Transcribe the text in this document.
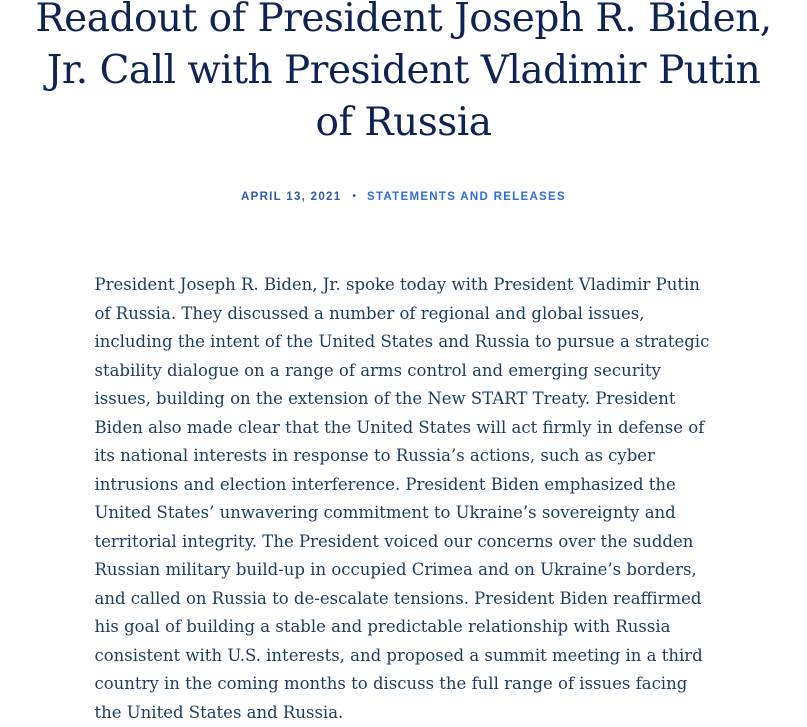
Readout of President Joseph R. Biden,
Jr. Call with President Vladimir Putin
of Russia
APRIL 13, 2021 • STATEMENTS AND RELEASES

President Joseph R. Biden, Jr. spoke today with President Vladimir Putin of Russia. They discussed a number of regional and global issues, including the intent of the United States and Russia to pursue a strategic stability dialogue on a range of arms control and emerging security issues, building on the extension of the New START Treaty. President Biden also made clear that the United States will act firmly in defense of its national interests in response to Russia’s actions, such as cyber intrusions and election interference. President Biden emphasized the United States’ unwavering commitment to Ukraine’s sovereignty and territorial integrity. The President voiced our concerns over the sudden Russian military build-up in occupied Crimea and on Ukraine’s borders, and called on Russia to de-escalate tensions. President Biden reaffirmed his goal of building a stable and predictable relationship with Russia consistent with U.S. interests, and proposed a summit meeting in a third country in the coming months to discuss the full range of issues facing the United States and Russia.
